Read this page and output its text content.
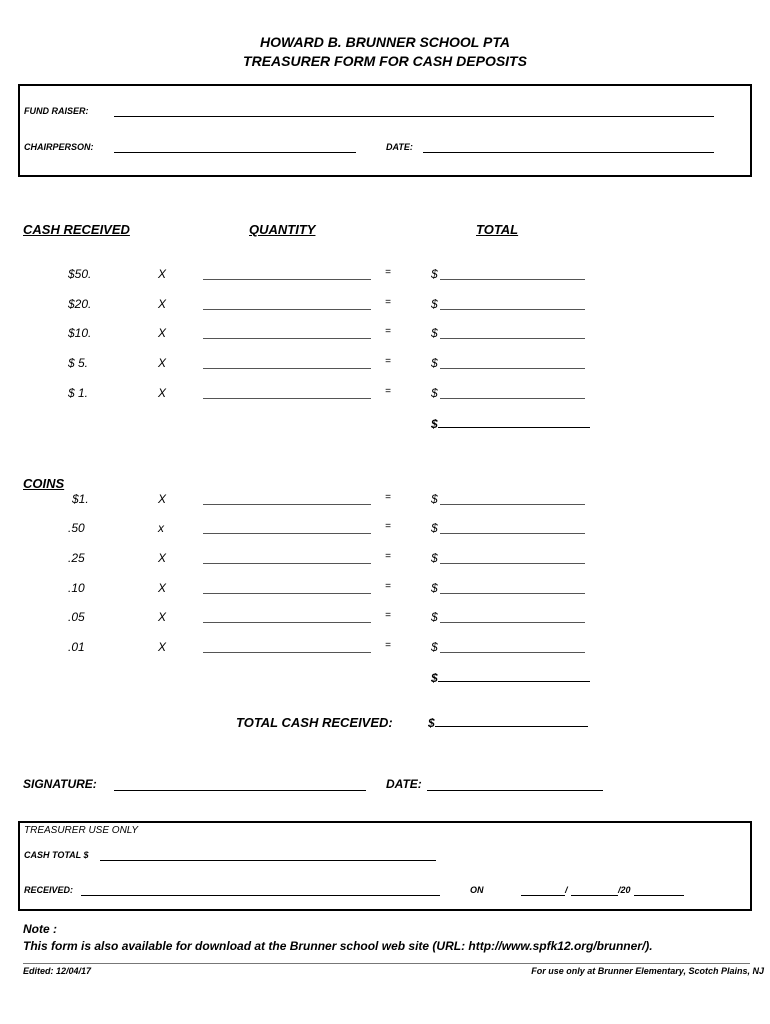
HOWARD B. BRUNNER SCHOOL PTA
TREASURER FORM FOR CASH DEPOSITS
FUND RAISER:
CHAIRPERSON:	DATE:
CASH RECEIVED	QUANTITY	TOTAL
$50.	X	=	$
$20.	X	=	$
$10.	X	=	$
$ 5.	X	=	$
$ 1.	X	=	$
$
COINS
$1.	X	=	$
.50	x	=	$
.25	X	=	$
.10	X	=	$
.05	X	=	$
.01	X	=	$
$
TOTAL CASH RECEIVED:	$
SIGNATURE:	DATE:
TREASURER USE ONLY
CASH TOTAL $
RECEIVED:	ON	/	/20
Note :
This form is also available for download at the Brunner school web site (URL: http://www.spfk12.org/brunner/).
Edited: 12/04/17	For use only at Brunner Elementary, Scotch Plains, NJ
